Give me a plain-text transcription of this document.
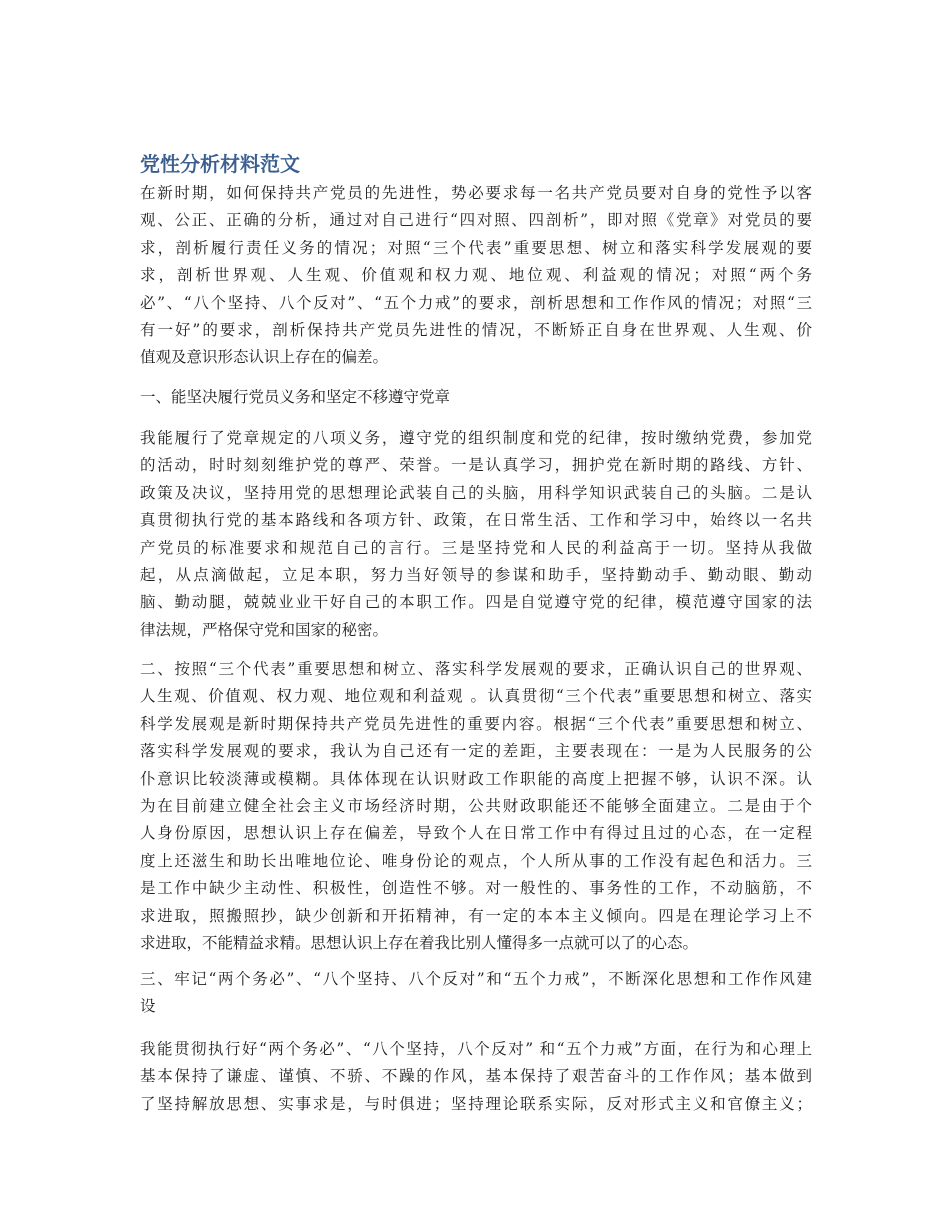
党性分析材料范文

在新时期，如何保持共产党员的先进性，势必要求每一名共产党员要对自身的党性予以客
观、公正、正确的分析，通过对自己进行“四对照、四剖析”，即对照《党章》对党员的要
求，剖析履行责任义务的情况；对照“三个代表”重要思想、树立和落实科学发展观的要
求，剖析世界观、人生观、价值观和权力观、地位观、利益观的情况；对照“两个务
必”、“八个坚持、八个反对”、“五个力戒”的要求，剖析思想和工作作风的情况；对照“三
有一好”的要求，剖析保持共产党员先进性的情况，不断矫正自身在世界观、人生观、价
值观及意识形态认识上存在的偏差。

一、能坚决履行党员义务和坚定不移遵守党章

我能履行了党章规定的八项义务，遵守党的组织制度和党的纪律，按时缴纳党费，参加党
的活动，时时刻刻维护党的尊严、荣誉。一是认真学习，拥护党在新时期的路线、方针、
政策及决议，坚持用党的思想理论武装自己的头脑，用科学知识武装自己的头脑。二是认
真贯彻执行党的基本路线和各项方针、政策，在日常生活、工作和学习中，始终以一名共
产党员的标准要求和规范自己的言行。三是坚持党和人民的利益高于一切。坚持从我做
起，从点滴做起，立足本职，努力当好领导的参谋和助手，坚持勤动手、勤动眼、勤动
脑、勤动腿，兢兢业业干好自己的本职工作。四是自觉遵守党的纪律，模范遵守国家的法
律法规，严格保守党和国家的秘密。

二、按照“三个代表”重要思想和树立、落实科学发展观的要求，正确认识自己的世界观、
人生观、价值观、权力观、地位观和利益观 。认真贯彻“三个代表”重要思想和树立、落实
科学发展观是新时期保持共产党员先进性的重要内容。根据“三个代表”重要思想和树立、
落实科学发展观的要求，我认为自己还有一定的差距，主要表现在：一是为人民服务的公
仆意识比较淡薄或模糊。具体体现在认识财政工作职能的高度上把握不够，认识不深。认
为在目前建立健全社会主义市场经济时期，公共财政职能还不能够全面建立。二是由于个
人身份原因，思想认识上存在偏差，导致个人在日常工作中有得过且过的心态，在一定程
度上还滋生和助长出唯地位论、唯身份论的观点，个人所从事的工作没有起色和活力。三
是工作中缺少主动性、积极性，创造性不够。对一般性的、事务性的工作，不动脑筋，不
求进取，照搬照抄，缺少创新和开拓精神，有一定的本本主义倾向。四是在理论学习上不
求进取，不能精益求精。思想认识上存在着我比别人懂得多一点就可以了的心态。

三、牢记“两个务必”、“八个坚持、八个反对”和“五个力戒”，不断深化思想和工作作风建
设

我能贯彻执行好“两个务必”、“八个坚持，八个反对” 和“五个力戒”方面，在行为和心理上
基本保持了谦虚、谨慎、不骄、不躁的作风，基本保持了艰苦奋斗的工作作风；基本做到
了坚持解放思想、实事求是，与时俱进；坚持理论联系实际，反对形式主义和官僚主义；
